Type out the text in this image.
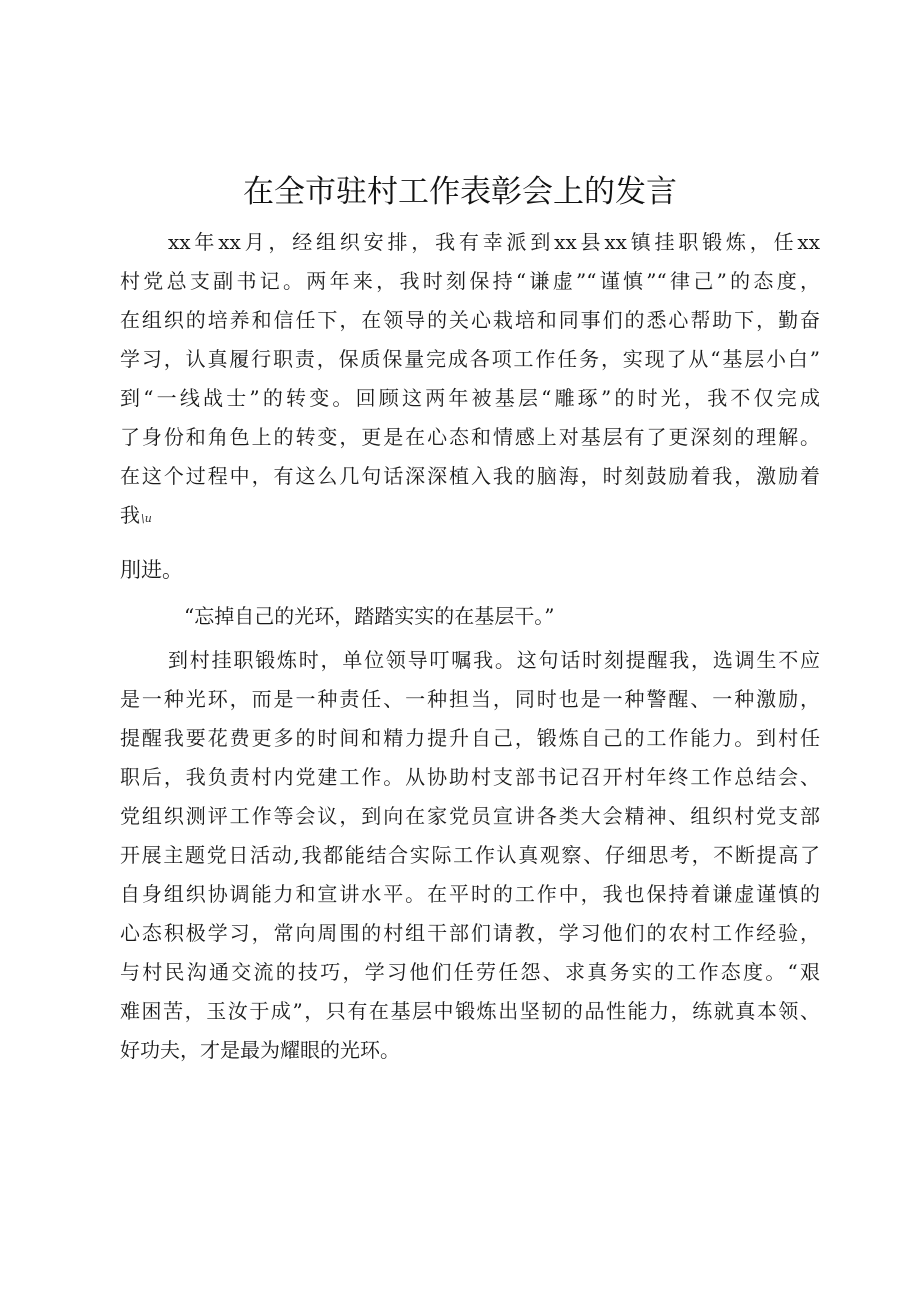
在全市驻村工作表彰会上的发言
xx年xx月，经组织安排，我有幸派到xx县xx镇挂职锻炼，任xx
村党总支副书记。两年来，我时刻保持“谦虚”“谨慎”“律己”的态度，
在组织的培养和信任下，在领导的关心栽培和同事们的悉心帮助下，勤奋
学习，认真履行职责，保质保量完成各项工作任务，实现了从“基层小白”
到“一线战士”的转变。回顾这两年被基层“雕琢”的时光，我不仅完成
了身份和角色上的转变，更是在心态和情感上对基层有了更深刻的理解。
在这个过程中，有这么几句话深深植入我的脑海，时刻鼓励着我，激励着
我\u
刖进。
“忘掉自己的光环，踏踏实实的在基层干。”
到村挂职锻炼时，单位领导叮嘱我。这句话时刻提醒我，选调生不应
是一种光环，而是一种责任、一种担当，同时也是一种警醒、一种激励，
提醒我要花费更多的时间和精力提升自己，锻炼自己的工作能力。到村任
职后，我负责村内党建工作。从协助村支部书记召开村年终工作总结会、
党组织测评工作等会议，到向在家党员宣讲各类大会精神、组织村党支部
开展主题党日活动,我都能结合实际工作认真观察、仔细思考，不断提高了
自身组织协调能力和宣讲水平。在平时的工作中，我也保持着谦虚谨慎的
心态积极学习，常向周围的村组干部们请教，学习他们的农村工作经验，
与村民沟通交流的技巧，学习他们任劳任怨、求真务实的工作态度。“艰
难困苦，玉汝于成”，只有在基层中锻炼出坚韧的品性能力，练就真本领、
好功夫，才是最为耀眼的光环。
